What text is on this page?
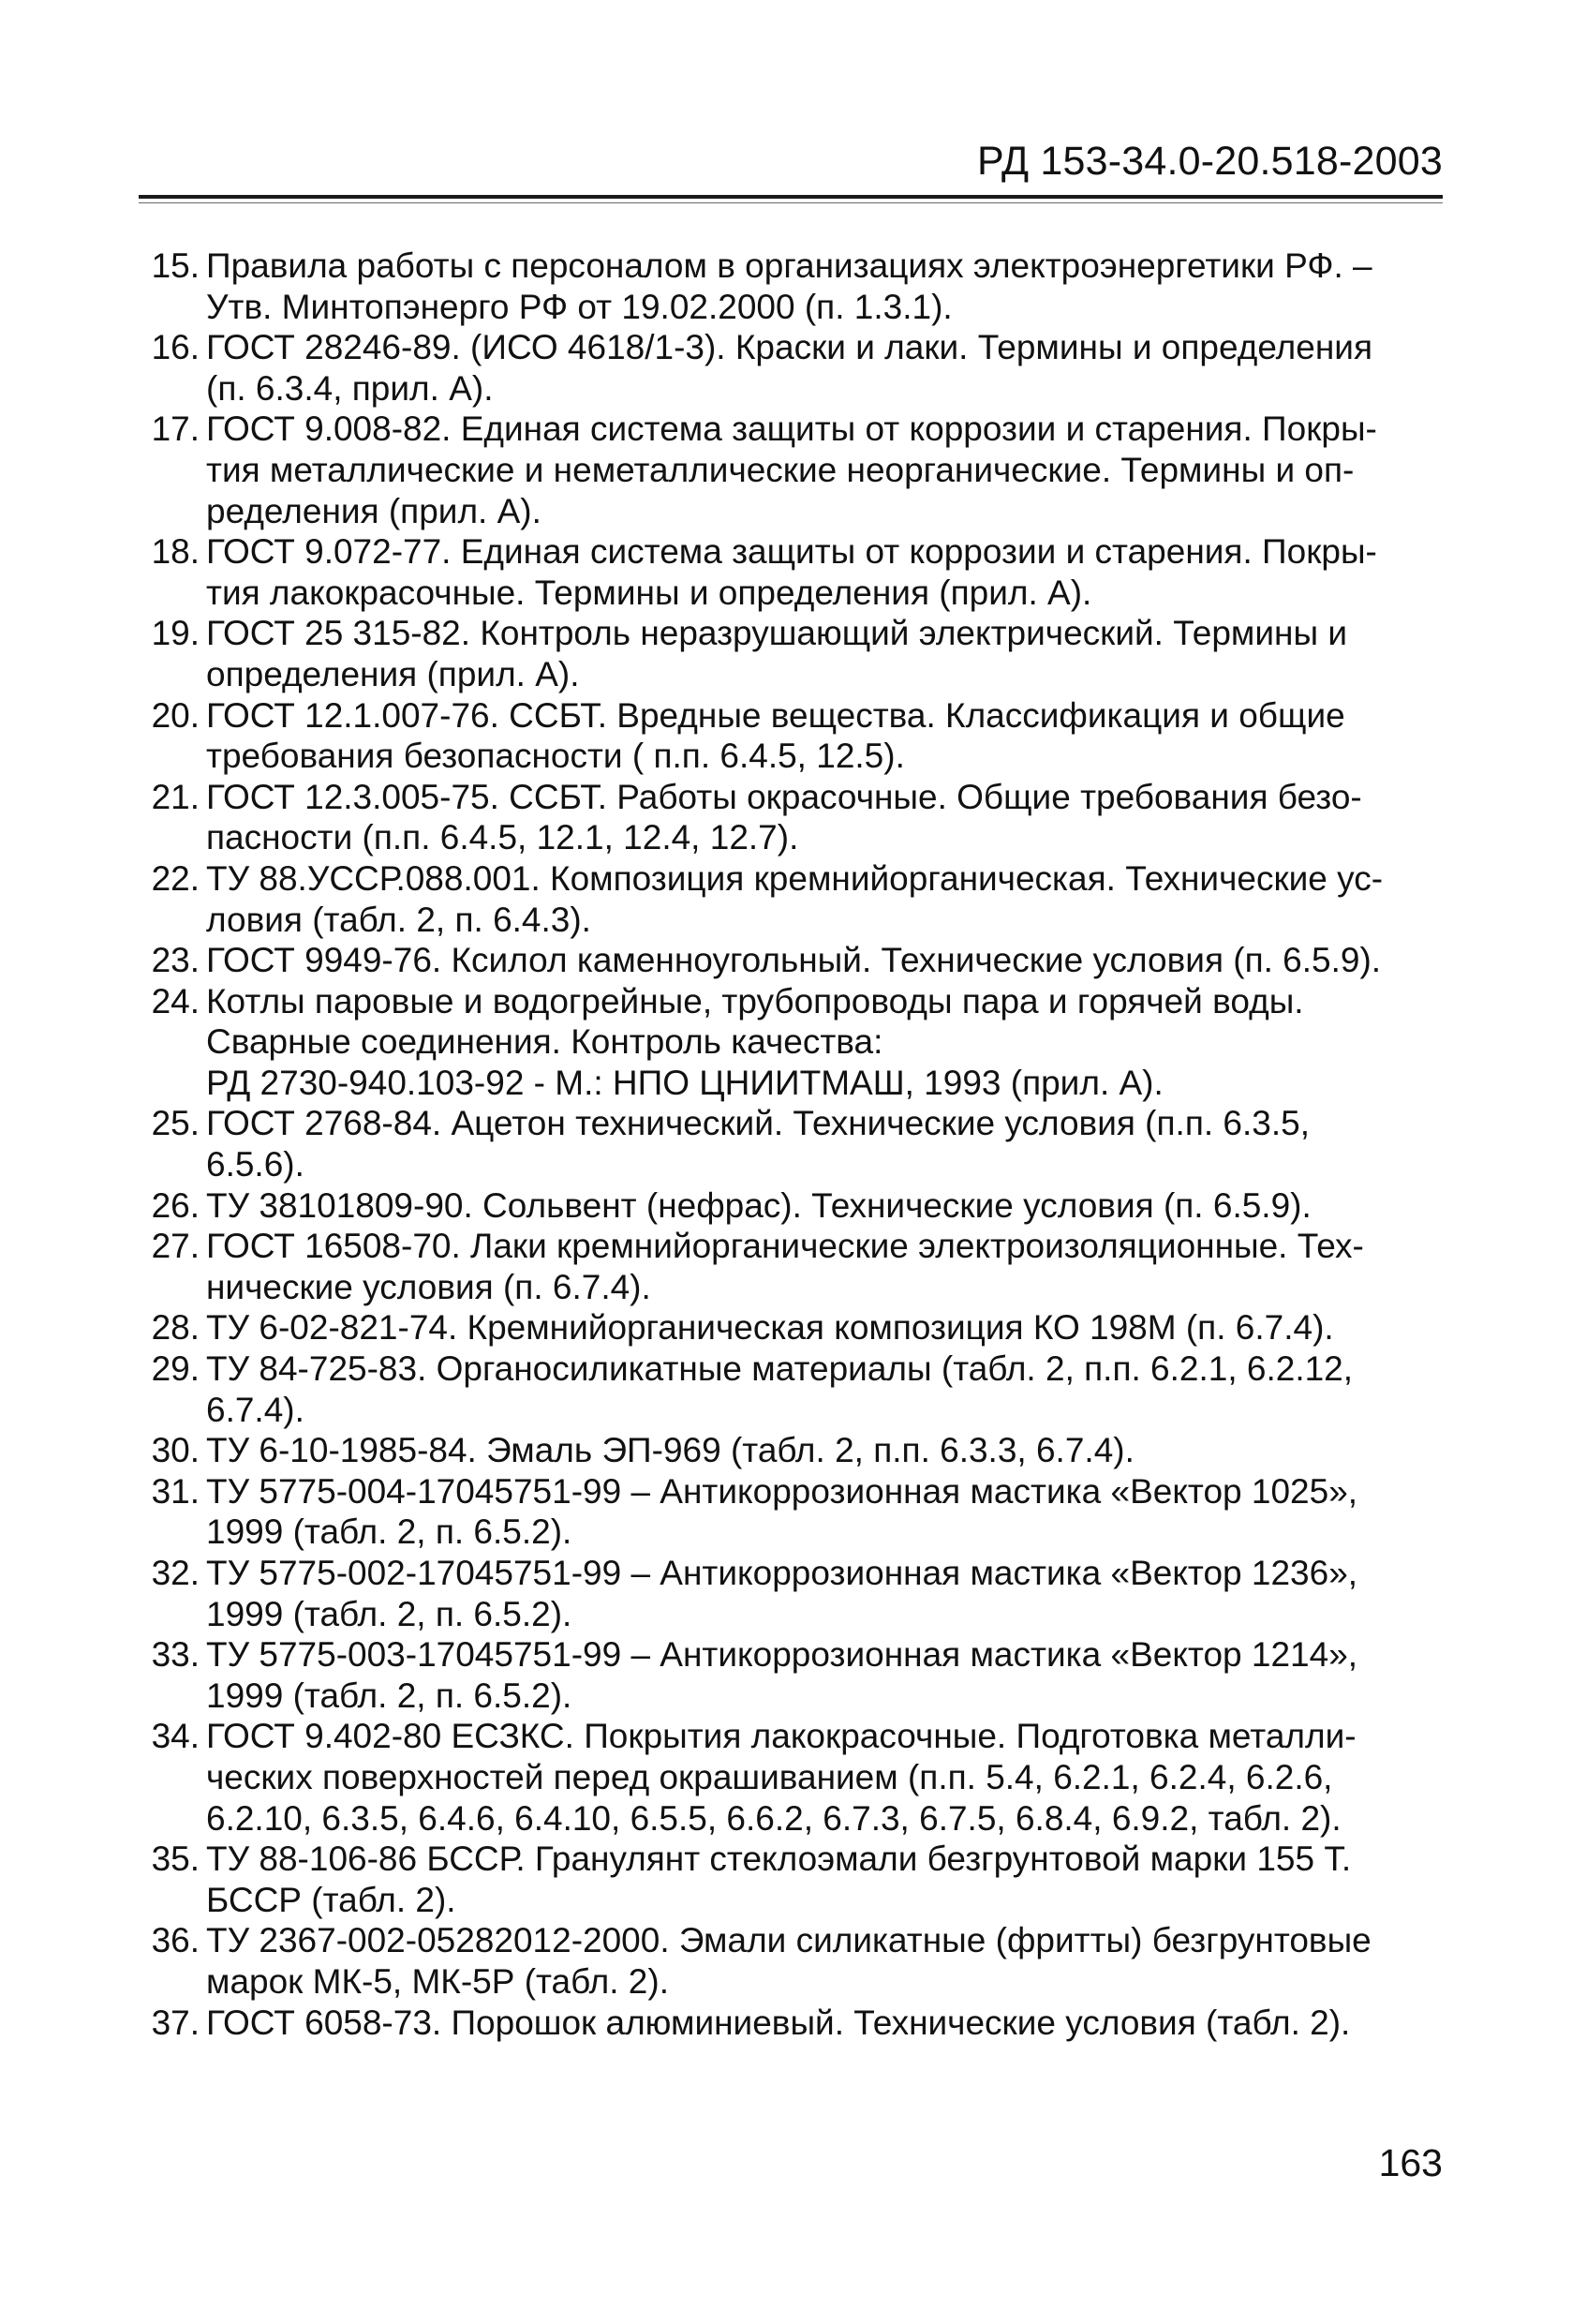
РД 153-34.0-20.518-2003
15. Правила работы с персоналом в организациях электроэнергетики РФ. –
Утв. Минтопэнерго РФ от 19.02.2000 (п. 1.3.1).
16. ГОСТ 28246-89. (ИСО 4618/1-3). Краски и лаки. Термины и определения
(п. 6.3.4, прил. А).
17. ГОСТ 9.008-82. Единая система защиты от коррозии и старения. Покры-
тия металлические и неметаллические неорганические. Термины и оп-
ределения (прил. А).
18. ГОСТ 9.072-77. Единая система защиты от коррозии и старения. Покры-
тия лакокрасочные. Термины и определения (прил. А).
19. ГОСТ 25 315-82. Контроль неразрушающий электрический. Термины и
определения (прил. А).
20. ГОСТ 12.1.007-76. ССБТ. Вредные вещества. Классификация и общие
требования безопасности ( п.п. 6.4.5, 12.5).
21. ГОСТ 12.3.005-75. ССБТ. Работы окрасочные. Общие требования безо-
пасности (п.п. 6.4.5, 12.1, 12.4, 12.7).
22. ТУ 88.УССР.088.001. Композиция кремнийорганическая. Технические ус-
ловия (табл. 2, п. 6.4.3).
23. ГОСТ 9949-76. Ксилол каменноугольный. Технические условия (п. 6.5.9).
24. Котлы паровые и водогрейные, трубопроводы пара и горячей воды.
Сварные соединения. Контроль качества:
РД 2730-940.103-92 - М.: НПО ЦНИИТМАШ, 1993 (прил. А).
25. ГОСТ 2768-84. Ацетон технический. Технические условия (п.п. 6.3.5,
6.5.6).
26. ТУ 38101809-90. Сольвент (нефрас). Технические условия (п. 6.5.9).
27. ГОСТ 16508-70. Лаки кремнийорганические электроизоляционные. Тех-
нические условия (п. 6.7.4).
28. ТУ 6-02-821-74. Кремнийорганическая композиция КО 198М (п. 6.7.4).
29. ТУ 84-725-83. Органосиликатные материалы (табл. 2, п.п. 6.2.1, 6.2.12,
6.7.4).
30. ТУ 6-10-1985-84. Эмаль ЭП-969 (табл. 2, п.п. 6.3.3, 6.7.4).
31. ТУ 5775-004-17045751-99 – Антикоррозионная мастика «Вектор 1025»,
1999 (табл. 2, п. 6.5.2).
32. ТУ 5775-002-17045751-99 – Антикоррозионная мастика «Вектор 1236»,
1999 (табл. 2, п. 6.5.2).
33. ТУ 5775-003-17045751-99 – Антикоррозионная мастика «Вектор 1214»,
1999 (табл. 2, п. 6.5.2).
34. ГОСТ 9.402-80 ЕСЗКС. Покрытия лакокрасочные. Подготовка металли-
ческих поверхностей перед окрашиванием (п.п. 5.4, 6.2.1, 6.2.4, 6.2.6,
6.2.10, 6.3.5, 6.4.6, 6.4.10, 6.5.5, 6.6.2, 6.7.3, 6.7.5, 6.8.4, 6.9.2, табл. 2).
35. ТУ 88-106-86 БССР. Гранулянт стеклоэмали безгрунтовой марки 155 Т.
БССР (табл. 2).
36. ТУ 2367-002-05282012-2000. Эмали силикатные (фритты) безгрунтовые
марок МК-5, МК-5Р (табл. 2).
37. ГОСТ 6058-73. Порошок алюминиевый. Технические условия (табл. 2).
163
